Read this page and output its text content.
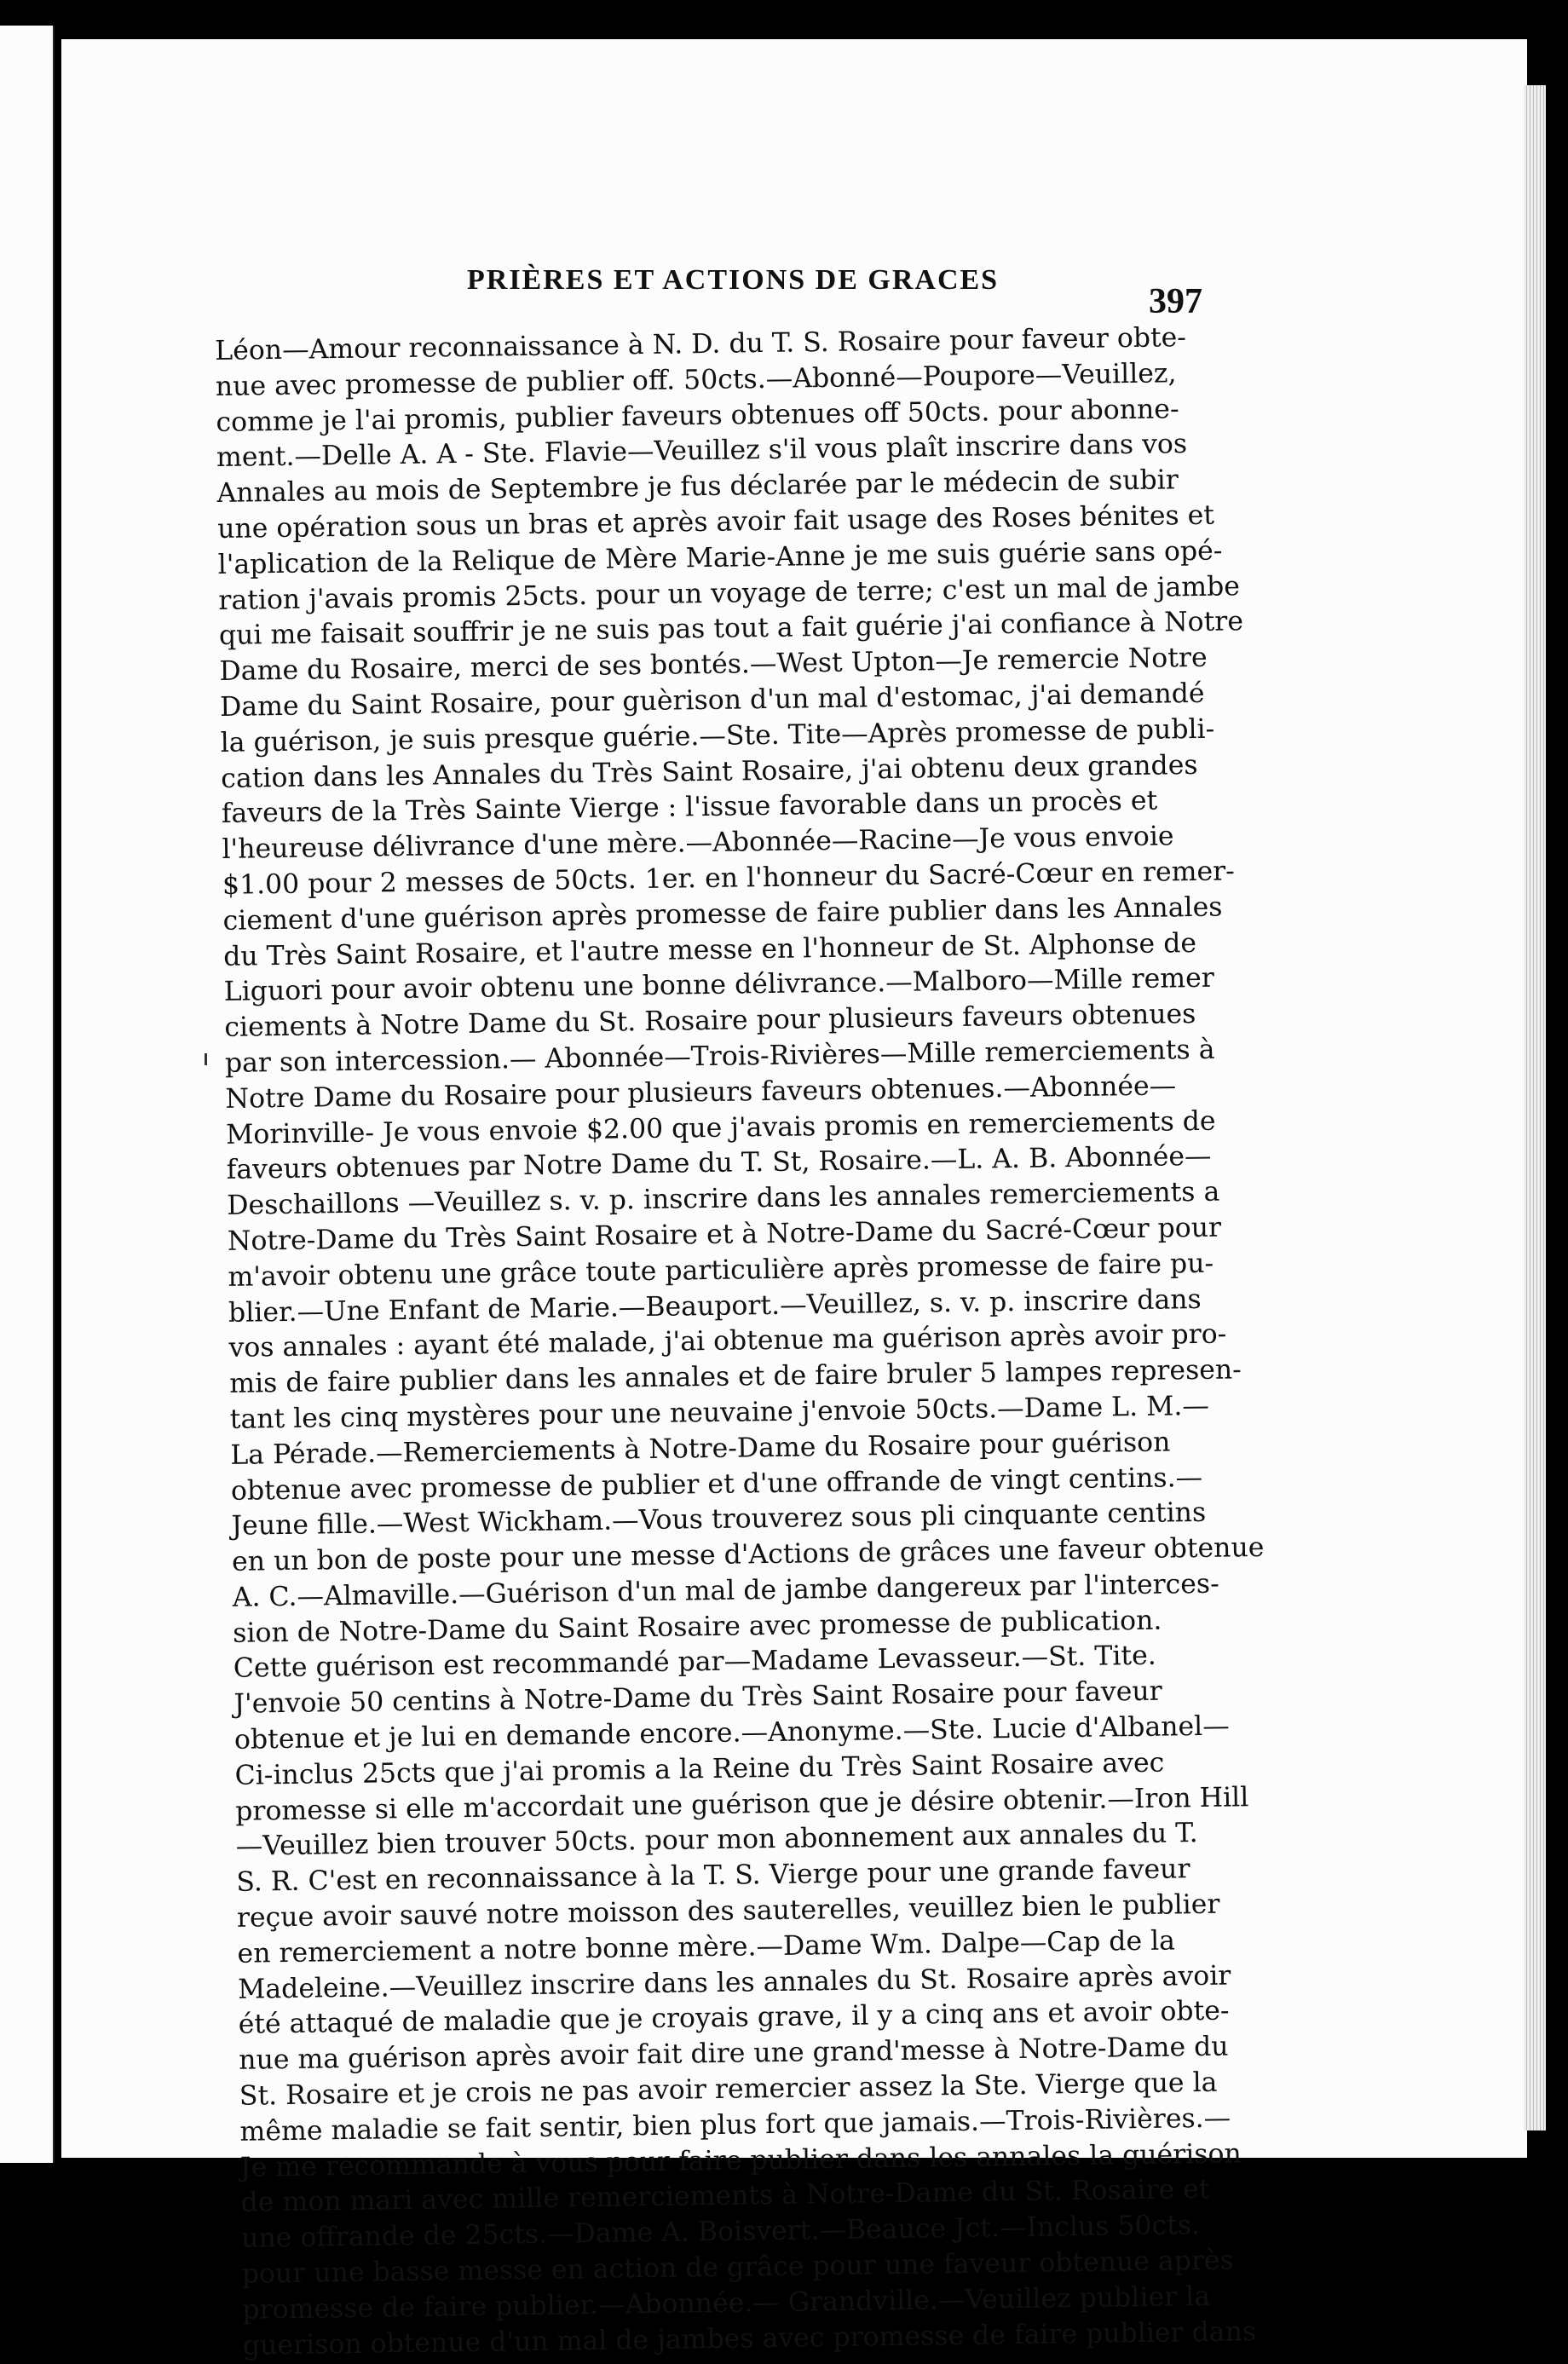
PRIÈRES ET ACTIONS DE GRACES
397
Léon—Amour reconnaissance à N. D. du T. S. Rosaire pour faveur obte-
nue avec promesse de publier off. 50cts.—Abonné—Poupore—Veuillez,
comme je l'ai promis, publier faveurs obtenues off 50cts. pour abonne-
ment.—Delle A. A - Ste. Flavie—Veuillez s'il vous plaît inscrire dans vos
Annales au mois de Septembre je fus déclarée par le médecin de subir
une opération sous un bras et après avoir fait usage des Roses bénites et
l'aplication de la Relique de Mère Marie-Anne je me suis guérie sans opé-
ration j'avais promis 25cts. pour un voyage de terre; c'est un mal de jambe
qui me faisait souffrir je ne suis pas tout a fait guérie j'ai confiance à Notre
Dame du Rosaire, merci de ses bontés.—West Upton—Je remercie Notre
Dame du Saint Rosaire, pour guèrison d'un mal d'estomac, j'ai demandé
la guérison, je suis presque guérie.—Ste. Tite—Après promesse de publi-
cation dans les Annales du Très Saint Rosaire, j'ai obtenu deux grandes
faveurs de la Très Sainte Vierge : l'issue favorable dans un procès et
l'heureuse délivrance d'une mère.—Abonnée—Racine—Je vous envoie
$1.00 pour 2 messes de 50cts. 1er. en l'honneur du Sacré-Cœur en remer-
ciement d'une guérison après promesse de faire publier dans les Annales
du Très Saint Rosaire, et l'autre messe en l'honneur de St. Alphonse de
Liguori pour avoir obtenu une bonne délivrance.—Malboro—Mille remer
ciements à Notre Dame du St. Rosaire pour plusieurs faveurs obtenues
par son intercession.— Abonnée—Trois-Rivières—Mille remerciements à
Notre Dame du Rosaire pour plusieurs faveurs obtenues.—Abonnée—
Morinville- Je vous envoie $2.00 que j'avais promis en remerciements de
faveurs obtenues par Notre Dame du T. St, Rosaire.—L. A. B. Abonnée—
Deschaillons —Veuillez s. v. p. inscrire dans les annales remerciements a
Notre-Dame du Très Saint Rosaire et à Notre-Dame du Sacré-Cœur pour
m'avoir obtenu une grâce toute particulière après promesse de faire pu-
blier.—Une Enfant de Marie.—Beauport.—Veuillez, s. v. p. inscrire dans
vos annales : ayant été malade, j'ai obtenue ma guérison après avoir pro-
mis de faire publier dans les annales et de faire bruler 5 lampes represen-
tant les cinq mystères pour une neuvaine j'envoie 50cts.—Dame L. M.—
La Pérade.—Remerciements à Notre-Dame du Rosaire pour guérison
obtenue avec promesse de publier et d'une offrande de vingt centins.—
Jeune fille.—West Wickham.—Vous trouverez sous pli cinquante centins
en un bon de poste pour une messe d'Actions de grâces une faveur obtenue
A. C.—Almaville.—Guérison d'un mal de jambe dangereux par l'interces-
sion de Notre-Dame du Saint Rosaire avec promesse de publication.
Cette guérison est recommandé par—Madame Levasseur.—St. Tite.
J'envoie 50 centins à Notre-Dame du Très Saint Rosaire pour faveur
obtenue et je lui en demande encore.—Anonyme.—Ste. Lucie d'Albanel—
Ci-inclus 25cts que j'ai promis a la Reine du Très Saint Rosaire avec
promesse si elle m'accordait une guérison que je désire obtenir.—Iron Hill
—Veuillez bien trouver 50cts. pour mon abonnement aux annales du T.
S. R. C'est en reconnaissance à la T. S. Vierge pour une grande faveur
reçue avoir sauvé notre moisson des sauterelles, veuillez bien le publier
en remerciement a notre bonne mère.—Dame Wm. Dalpe—Cap de la
Madeleine.—Veuillez inscrire dans les annales du St. Rosaire après avoir
été attaqué de maladie que je croyais grave, il y a cinq ans et avoir obte-
nue ma guérison après avoir fait dire une grand'messe à Notre-Dame du
St. Rosaire et je crois ne pas avoir remercier assez la Ste. Vierge que la
même maladie se fait sentir, bien plus fort que jamais.—Trois-Rivières.—
Je me recommande à vous pour faire publier dans les annales la guérison
de mon mari avec mille remerciements à Notre-Dame du St. Rosaire et
une offrande de 25cts.—Dame A. Boisvert.—Beauce Jct.—Inclus 50cts.
pour une basse messe en action de grâce pour une faveur obtenue après
promesse de faire publier.—Abonnée.— Grandville.—Veuillez publier la
guerison obtenue d'un mal de jambes avec promesse de faire publier dans
